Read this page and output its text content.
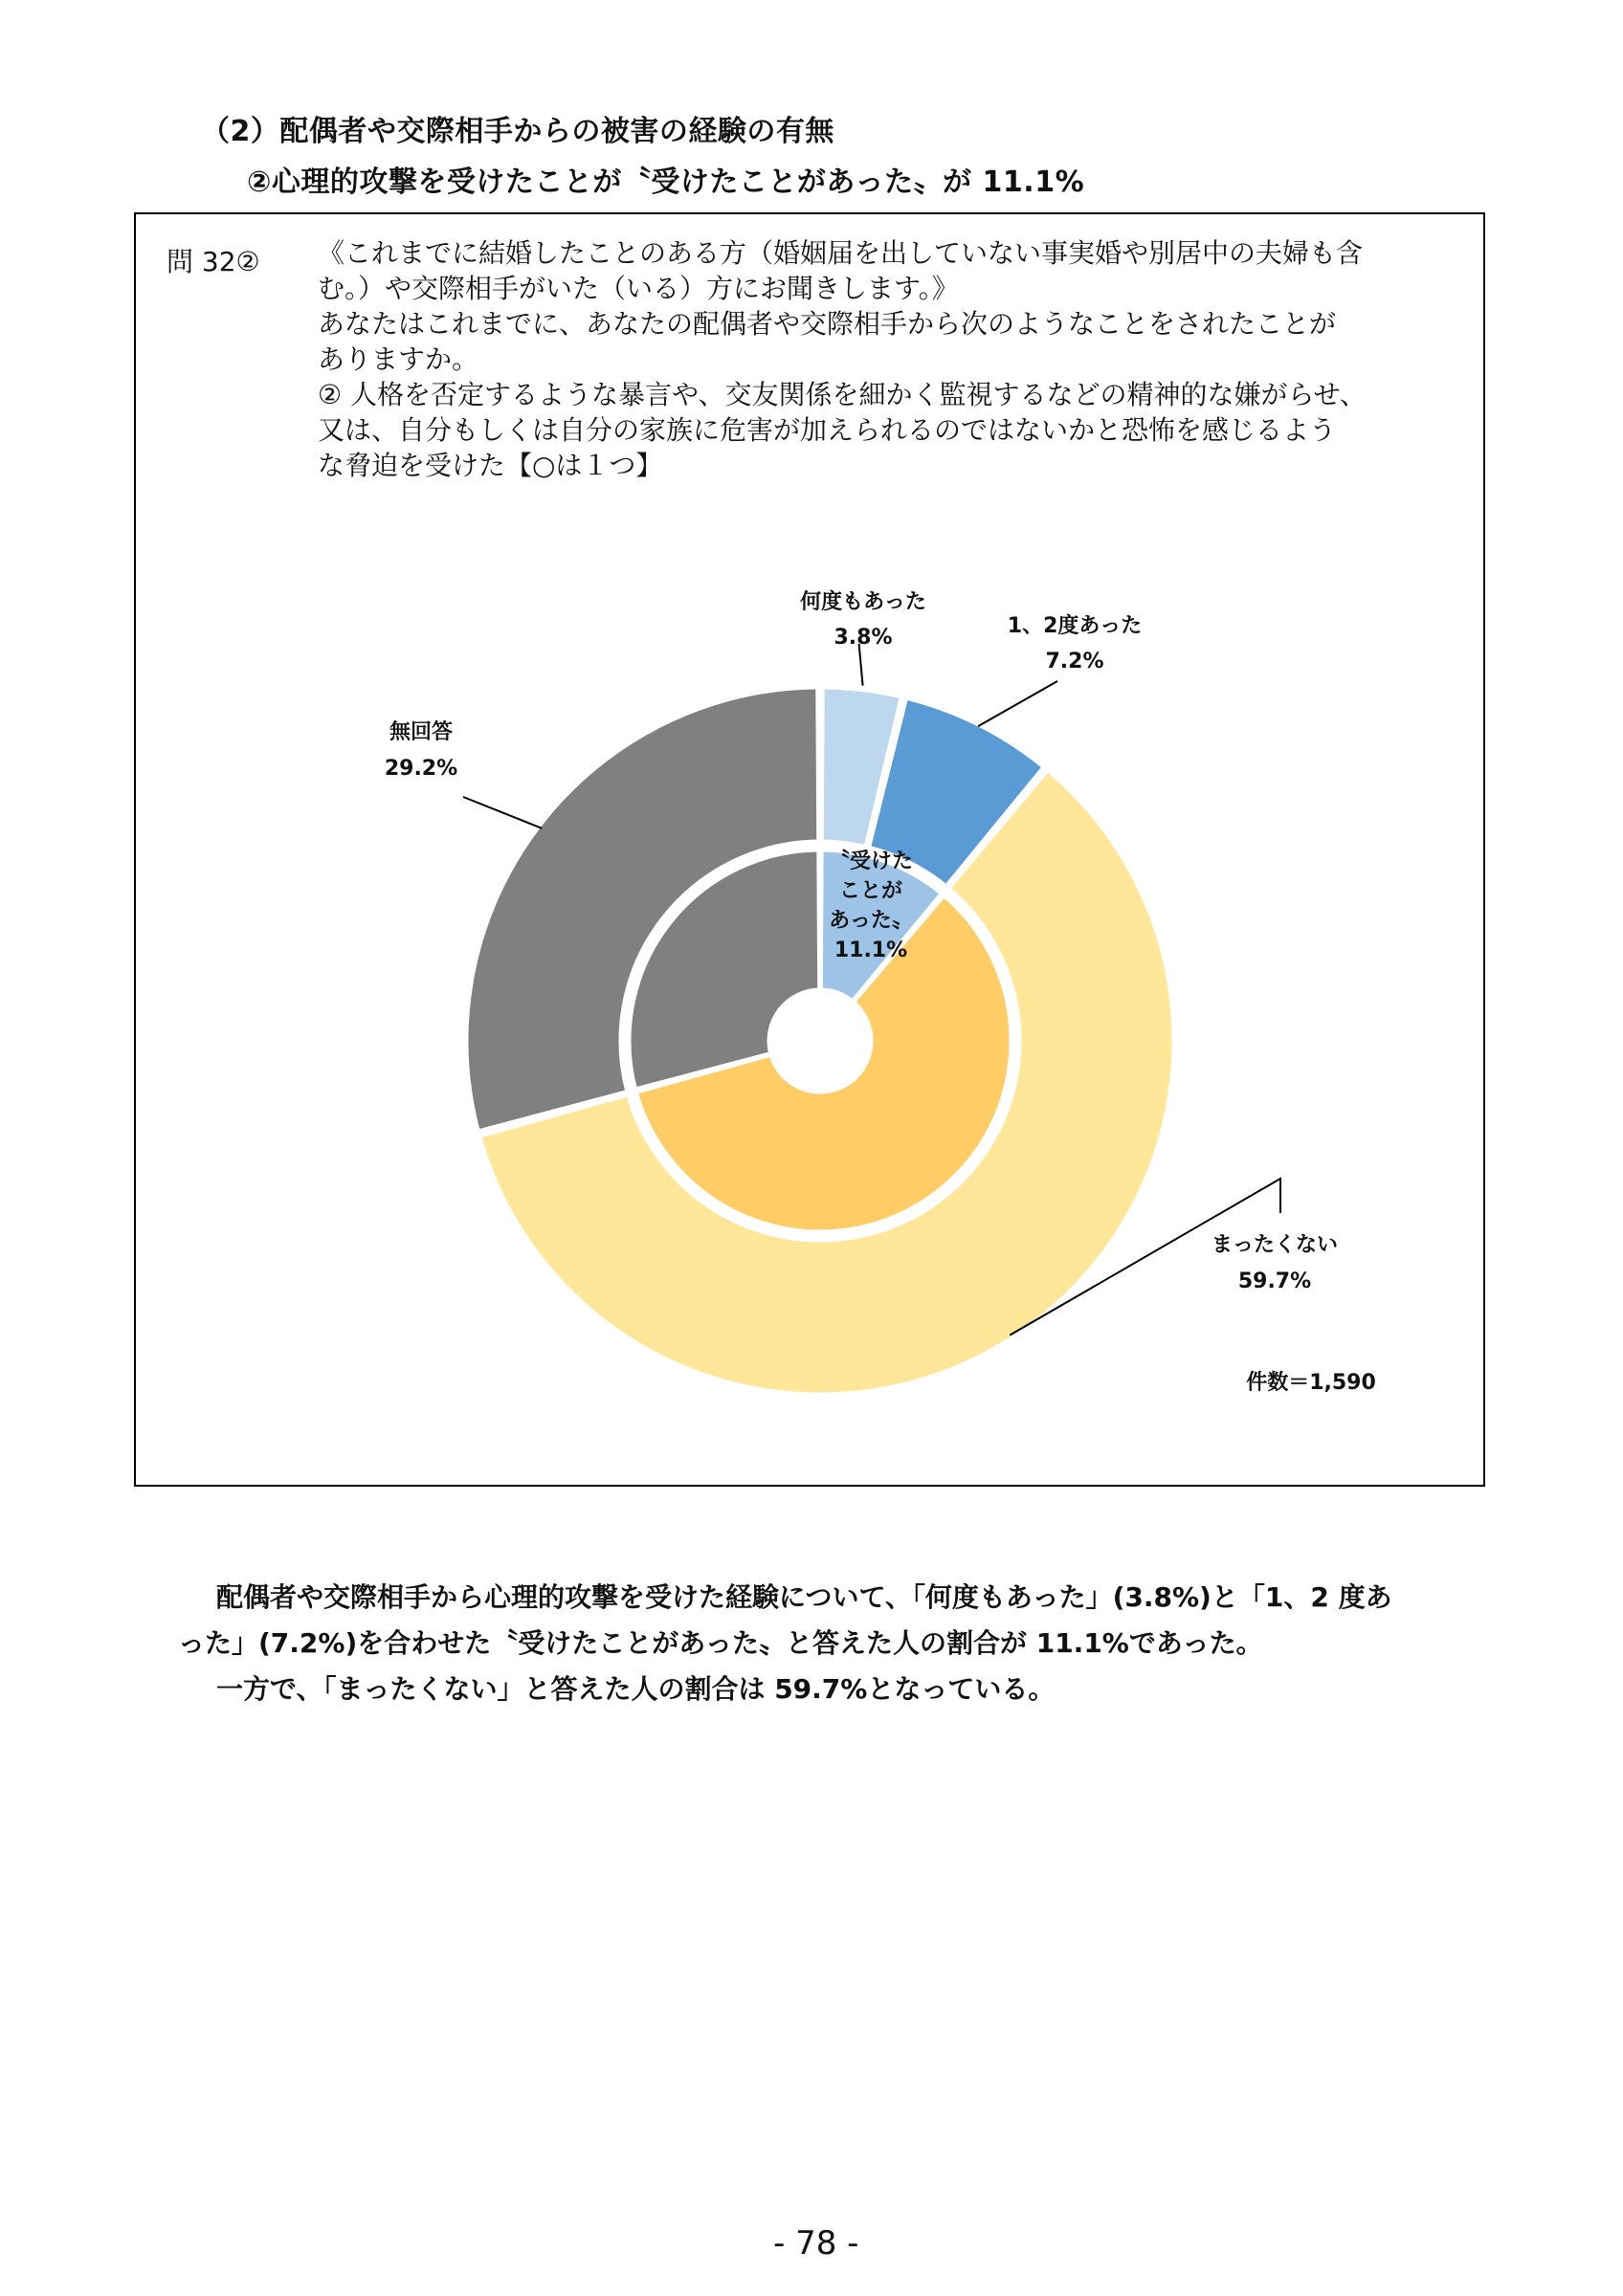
（2）配偶者や交際相手からの被害の経験の有無
②心理的攻撃を受けたことが〝受けたことがあった〟が 11.1%
問 32② 《これまでに結婚したことのある方（婚姻届を出していない事実婚や別居中の夫婦も含
む。）や交際相手がいた（いる）方にお聞きします。》
あなたはこれまでに、あなたの配偶者や交際相手から次のようなことをされたことが
ありますか。
② 人格を否定するような暴言や、交友関係を細かく監視するなどの精神的な嫌がらせ、
又は、自分もしくは自分の家族に危害が加えられるのではないかと恐怖を感じるよう
な脅迫を受けた【○は１つ】
何度もあった
3.8%	1、2度あった
7.2%
まったくない
59.7%
無回答
29.2%
〝受けた
ことが
あった〟
11.1%
件数＝1,590
配偶者や交際相手から心理的攻撃を受けた経験について、「何度もあった」(3.8%)と「1、2 度あ
った」(7.2%)を合わせた〝受けたことがあった〟と答えた人の割合が 11.1%であった。
一方で、「まったくない」と答えた人の割合は 59.7%となっている。
- 78 -
